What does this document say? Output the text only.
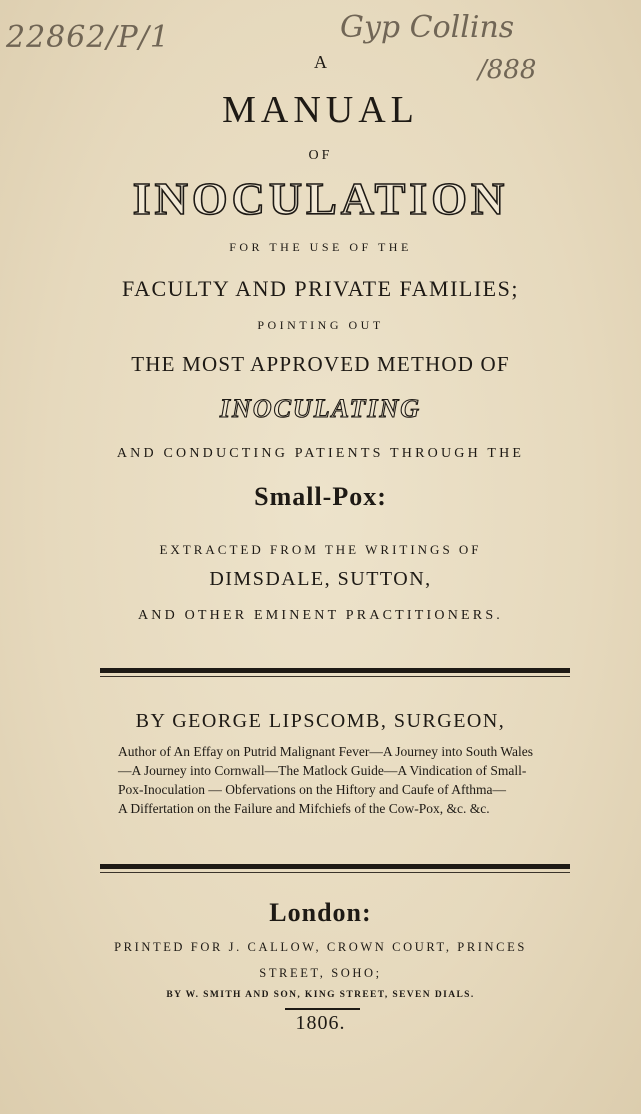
22862/P/1	Gyp Collins
/888
A
MANUAL
OF
INOCULATION
FOR THE USE OF THE
FACULTY AND PRIVATE FAMILIES;
POINTING OUT
THE MOST APPROVED METHOD OF
INOCULATING
AND CONDUCTING PATIENTS THROUGH THE
Small-Pox:
EXTRACTED FROM THE WRITINGS OF
DIMSDALE, SUTTON,
AND OTHER EMINENT PRACTITIONERS.
BY GEORGE LIPSCOMB, SURGEON,
Author of An Effay on Putrid Malignant Fever—A Journey into South Wales
—A Journey into Cornwall—The Matlock Guide—A Vindication of Small-
Pox-Inoculation — Obfervations on the Hiftory and Caufe of Afthma—
A Differtation on the Failure and Mifchiefs of the Cow-Pox, &c. &c.
London:
PRINTED FOR J. CALLOW, CROWN COURT, PRINCES
STREET, SOHO;
BY W. SMITH AND SON, KING STREET, SEVEN DIALS.
1806.
